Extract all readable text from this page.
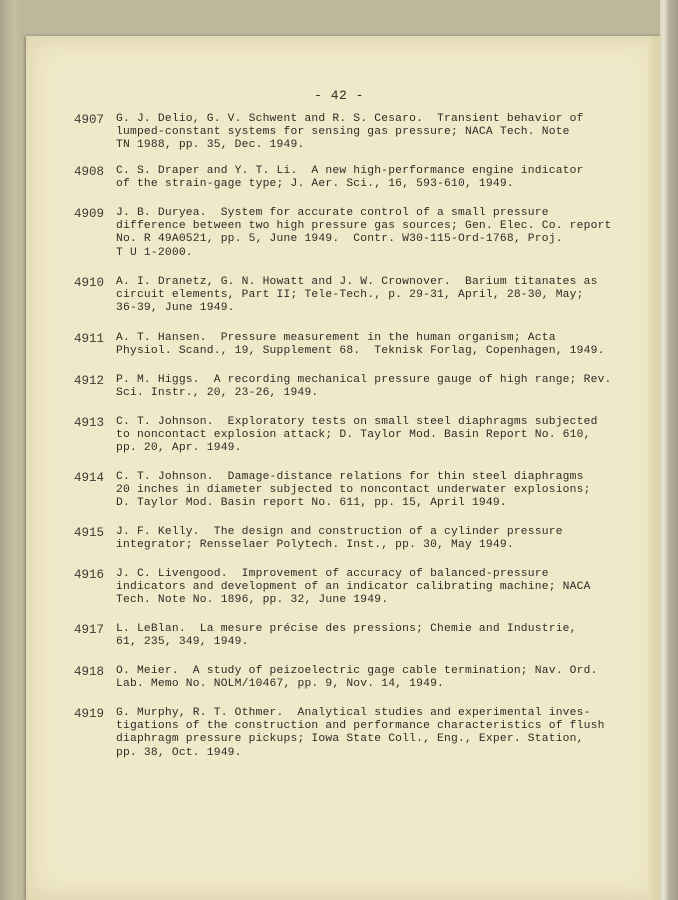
- 42 -
4907 G. J. Delio, G. V. Schwent and R. S. Cesaro.  Transient behavior of
lumped-constant systems for sensing gas pressure; NACA Tech. Note
TN 1988, pp. 35, Dec. 1949.
4908 C. S. Draper and Y. T. Li.  A new high-performance engine indicator
of the strain-gage type; J. Aer. Sci., 16, 593-610, 1949.
4909 J. B. Duryea.  System for accurate control of a small pressure
difference between two high pressure gas sources; Gen. Elec. Co. report
No. R 49A0521, pp. 5, June 1949.  Contr. W30-115-Ord-1768, Proj.
T U 1-2000.
4910 A. I. Dranetz, G. N. Howatt and J. W. Crownover.  Barium titanates as
circuit elements, Part II; Tele-Tech., p. 29-31, April, 28-30, May;
36-39, June 1949.
4911 A. T. Hansen.  Pressure measurement in the human organism; Acta
Physiol. Scand., 19, Supplement 68.  Teknisk Forlag, Copenhagen, 1949.
4912 P. M. Higgs.  A recording mechanical pressure gauge of high range; Rev.
Sci. Instr., 20, 23-26, 1949.
4913 C. T. Johnson.  Exploratory tests on small steel diaphragms subjected
to noncontact explosion attack; D. Taylor Mod. Basin Report No. 610,
pp. 20, Apr. 1949.
4914 C. T. Johnson.  Damage-distance relations for thin steel diaphragms
20 inches in diameter subjected to noncontact underwater explosions;
D. Taylor Mod. Basin report No. 611, pp. 15, April 1949.
4915 J. F. Kelly.  The design and construction of a cylinder pressure
integrator; Rensselaer Polytech. Inst., pp. 30, May 1949.
4916 J. C. Livengood.  Improvement of accuracy of balanced-pressure
indicators and development of an indicator calibrating machine; NACA
Tech. Note No. 1896, pp. 32, June 1949.
4917 L. LeBlan.  La mesure précise des pressions; Chemie and Industrie,
61, 235, 349, 1949.
4918 O. Meier.  A study of peizoelectric gage cable termination; Nav. Ord.
Lab. Memo No. NOLM/10467, pp. 9, Nov. 14, 1949.
4919 G. Murphy, R. T. Othmer.  Analytical studies and experimental inves-
tigations of the construction and performance characteristics of flush
diaphragm pressure pickups; Iowa State Coll., Eng., Exper. Station,
pp. 38, Oct. 1949.
